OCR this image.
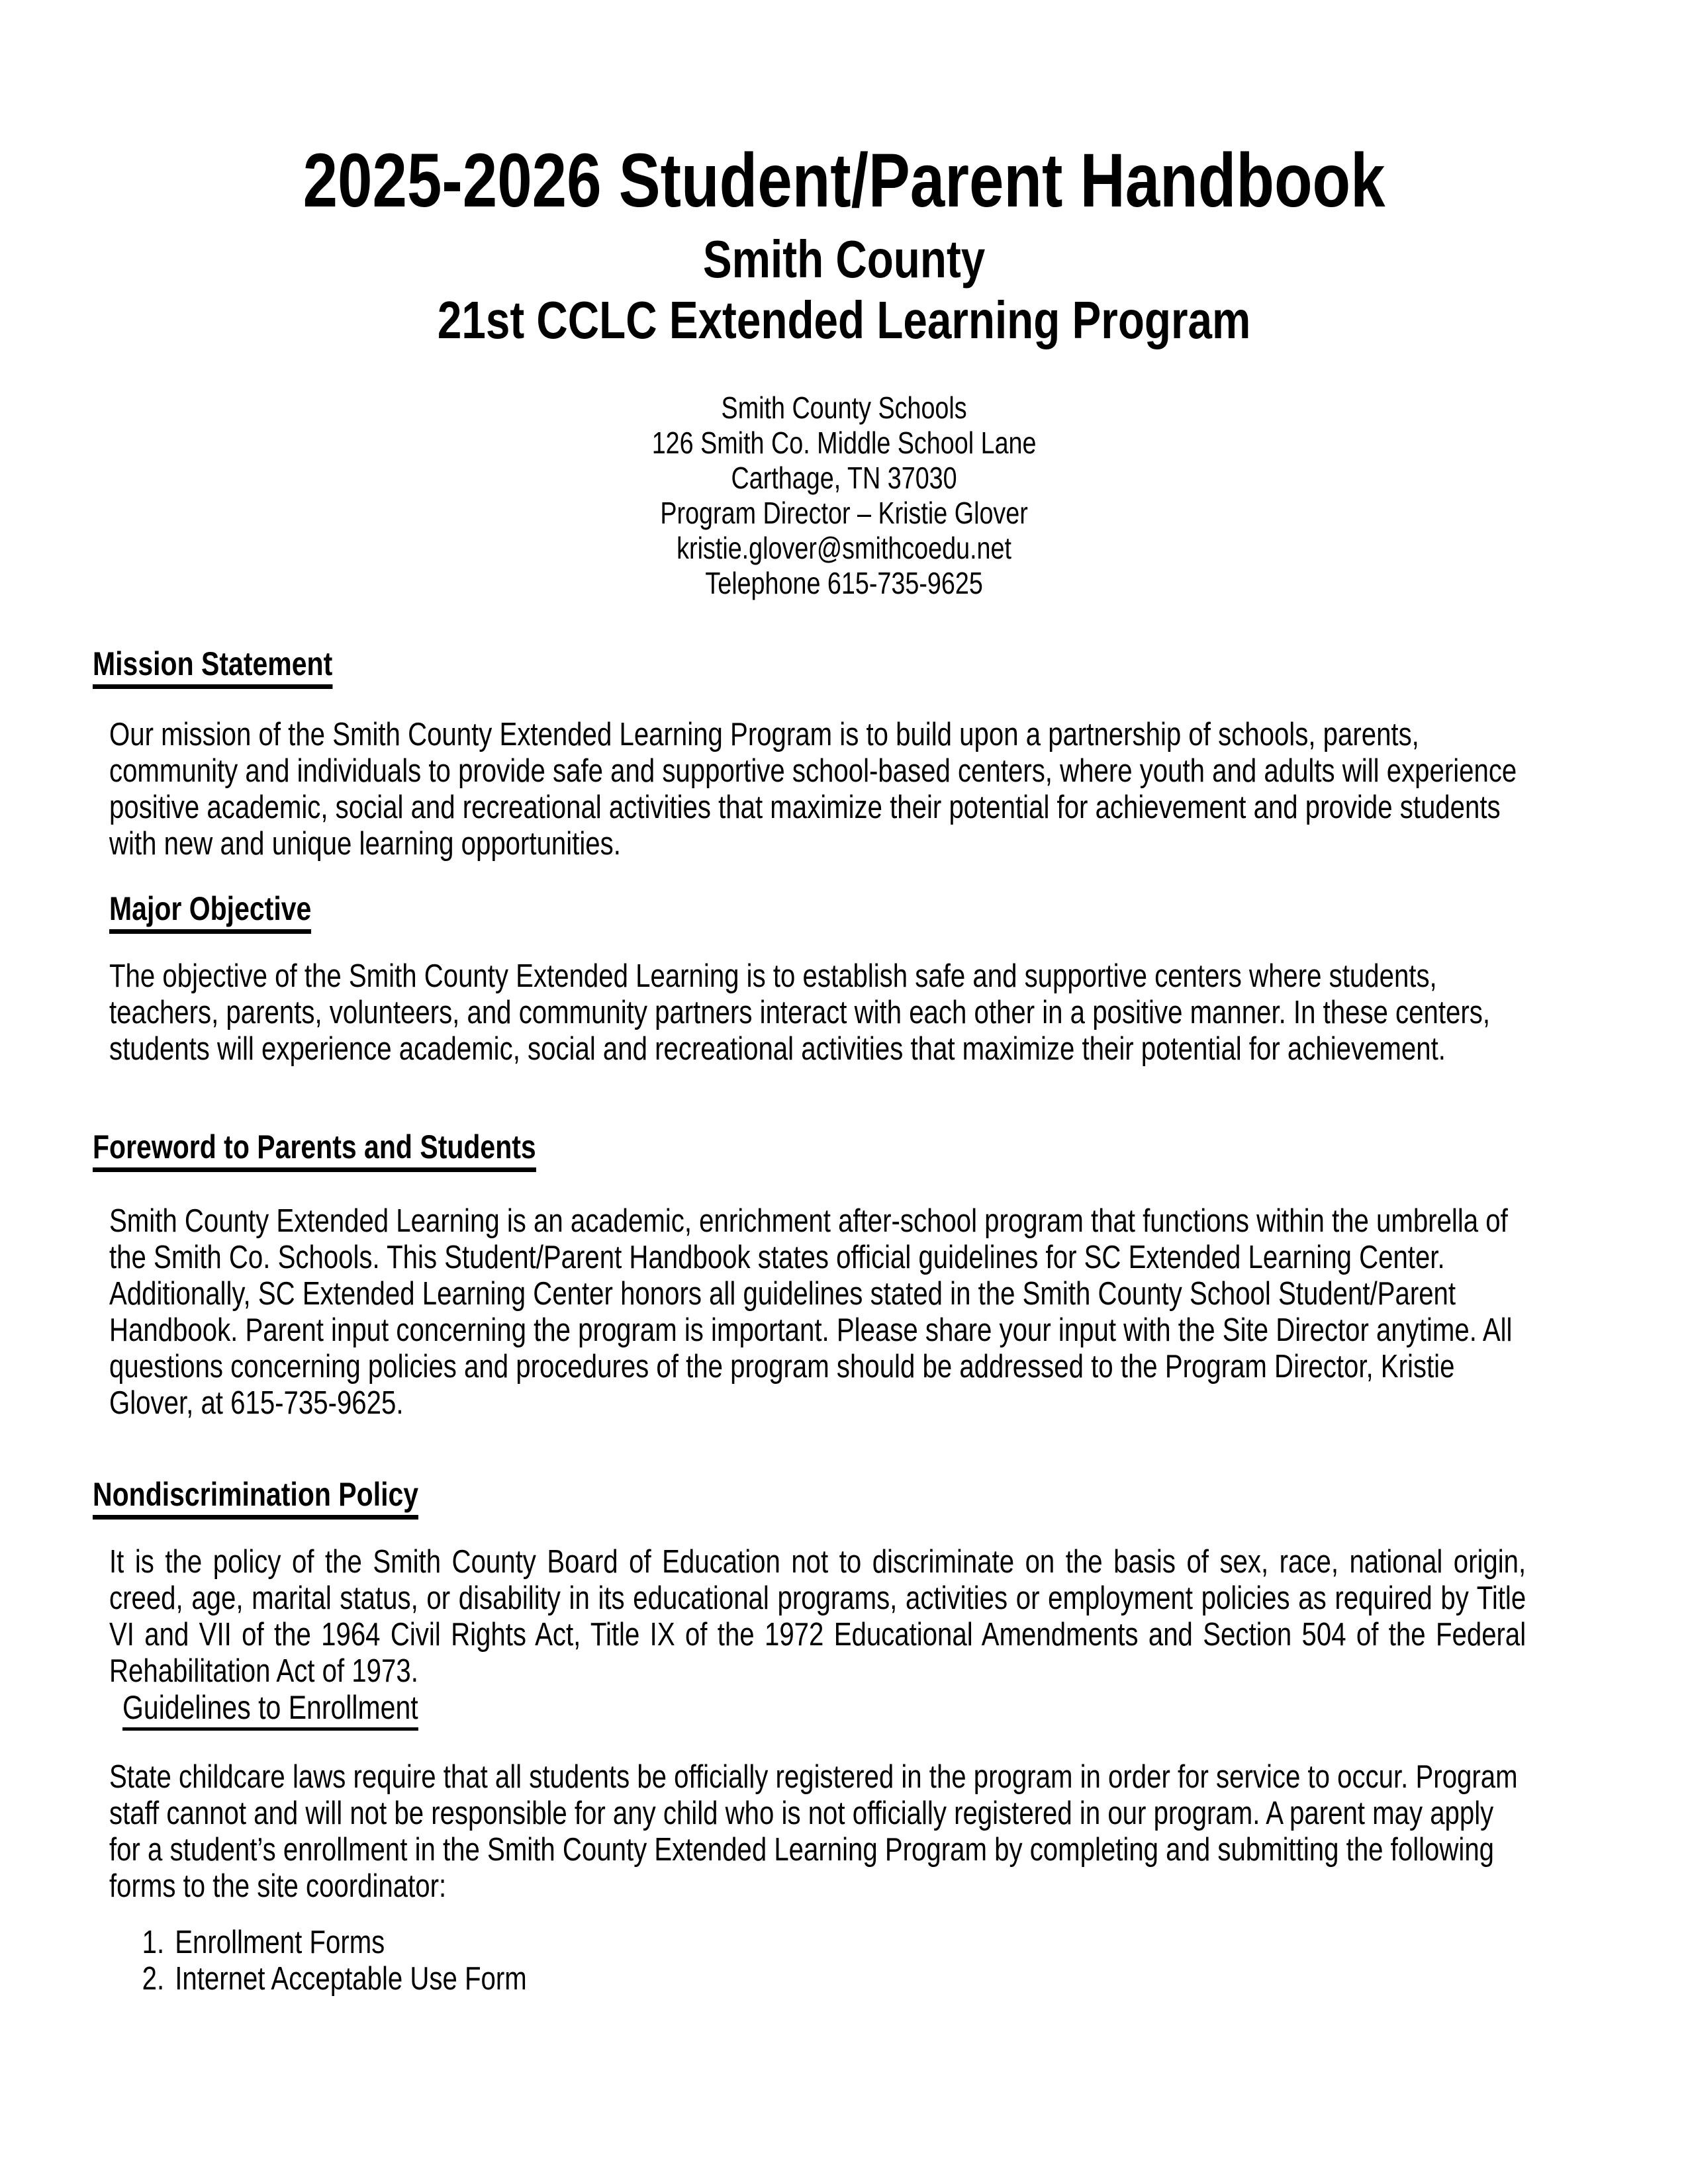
2025-2026 Student/Parent Handbook
Smith County
21st CCLC Extended Learning Program
Smith County Schools
126 Smith Co. Middle School Lane
Carthage, TN 37030
Program Director – Kristie Glover
kristie.glover@smithcoedu.net
Telephone 615-735-9625
Mission Statement
Our mission of the Smith County Extended Learning Program is to build upon a partnership of schools, parents, community and individuals to provide safe and supportive school-based centers, where youth and adults will experience positive academic, social and recreational activities that maximize their potential for achievement and provide students with new and unique learning opportunities.
Major Objective
The objective of the Smith County Extended Learning is to establish safe and supportive centers where students, teachers, parents, volunteers, and community partners interact with each other in a positive manner. In these centers, students will experience academic, social and recreational activities that maximize their potential for achievement.
Foreword to Parents and Students
Smith County Extended Learning is an academic, enrichment after-school program that functions within the umbrella of the Smith Co. Schools. This Student/Parent Handbook states official guidelines for SC Extended Learning Center. Additionally, SC Extended Learning Center honors all guidelines stated in the Smith County School Student/Parent Handbook. Parent input concerning the program is important. Please share your input with the Site Director anytime. All questions concerning policies and procedures of the program should be addressed to the Program Director, Kristie Glover, at 615-735-9625.
Nondiscrimination Policy
It is the policy of the Smith County Board of Education not to discriminate on the basis of sex, race, national origin, creed, age, marital status, or disability in its educational programs, activities or employment policies as required by Title VI and VII of the 1964 Civil Rights Act, Title IX of the 1972 Educational Amendments and Section 504 of the Federal Rehabilitation Act of 1973.
Guidelines to Enrollment
State childcare laws require that all students be officially registered in the program in order for service to occur. Program staff cannot and will not be responsible for any child who is not officially registered in our program. A parent may apply for a student’s enrollment in the Smith County Extended Learning Program by completing and submitting the following forms to the site coordinator:
1. Enrollment Forms
2. Internet Acceptable Use Form
